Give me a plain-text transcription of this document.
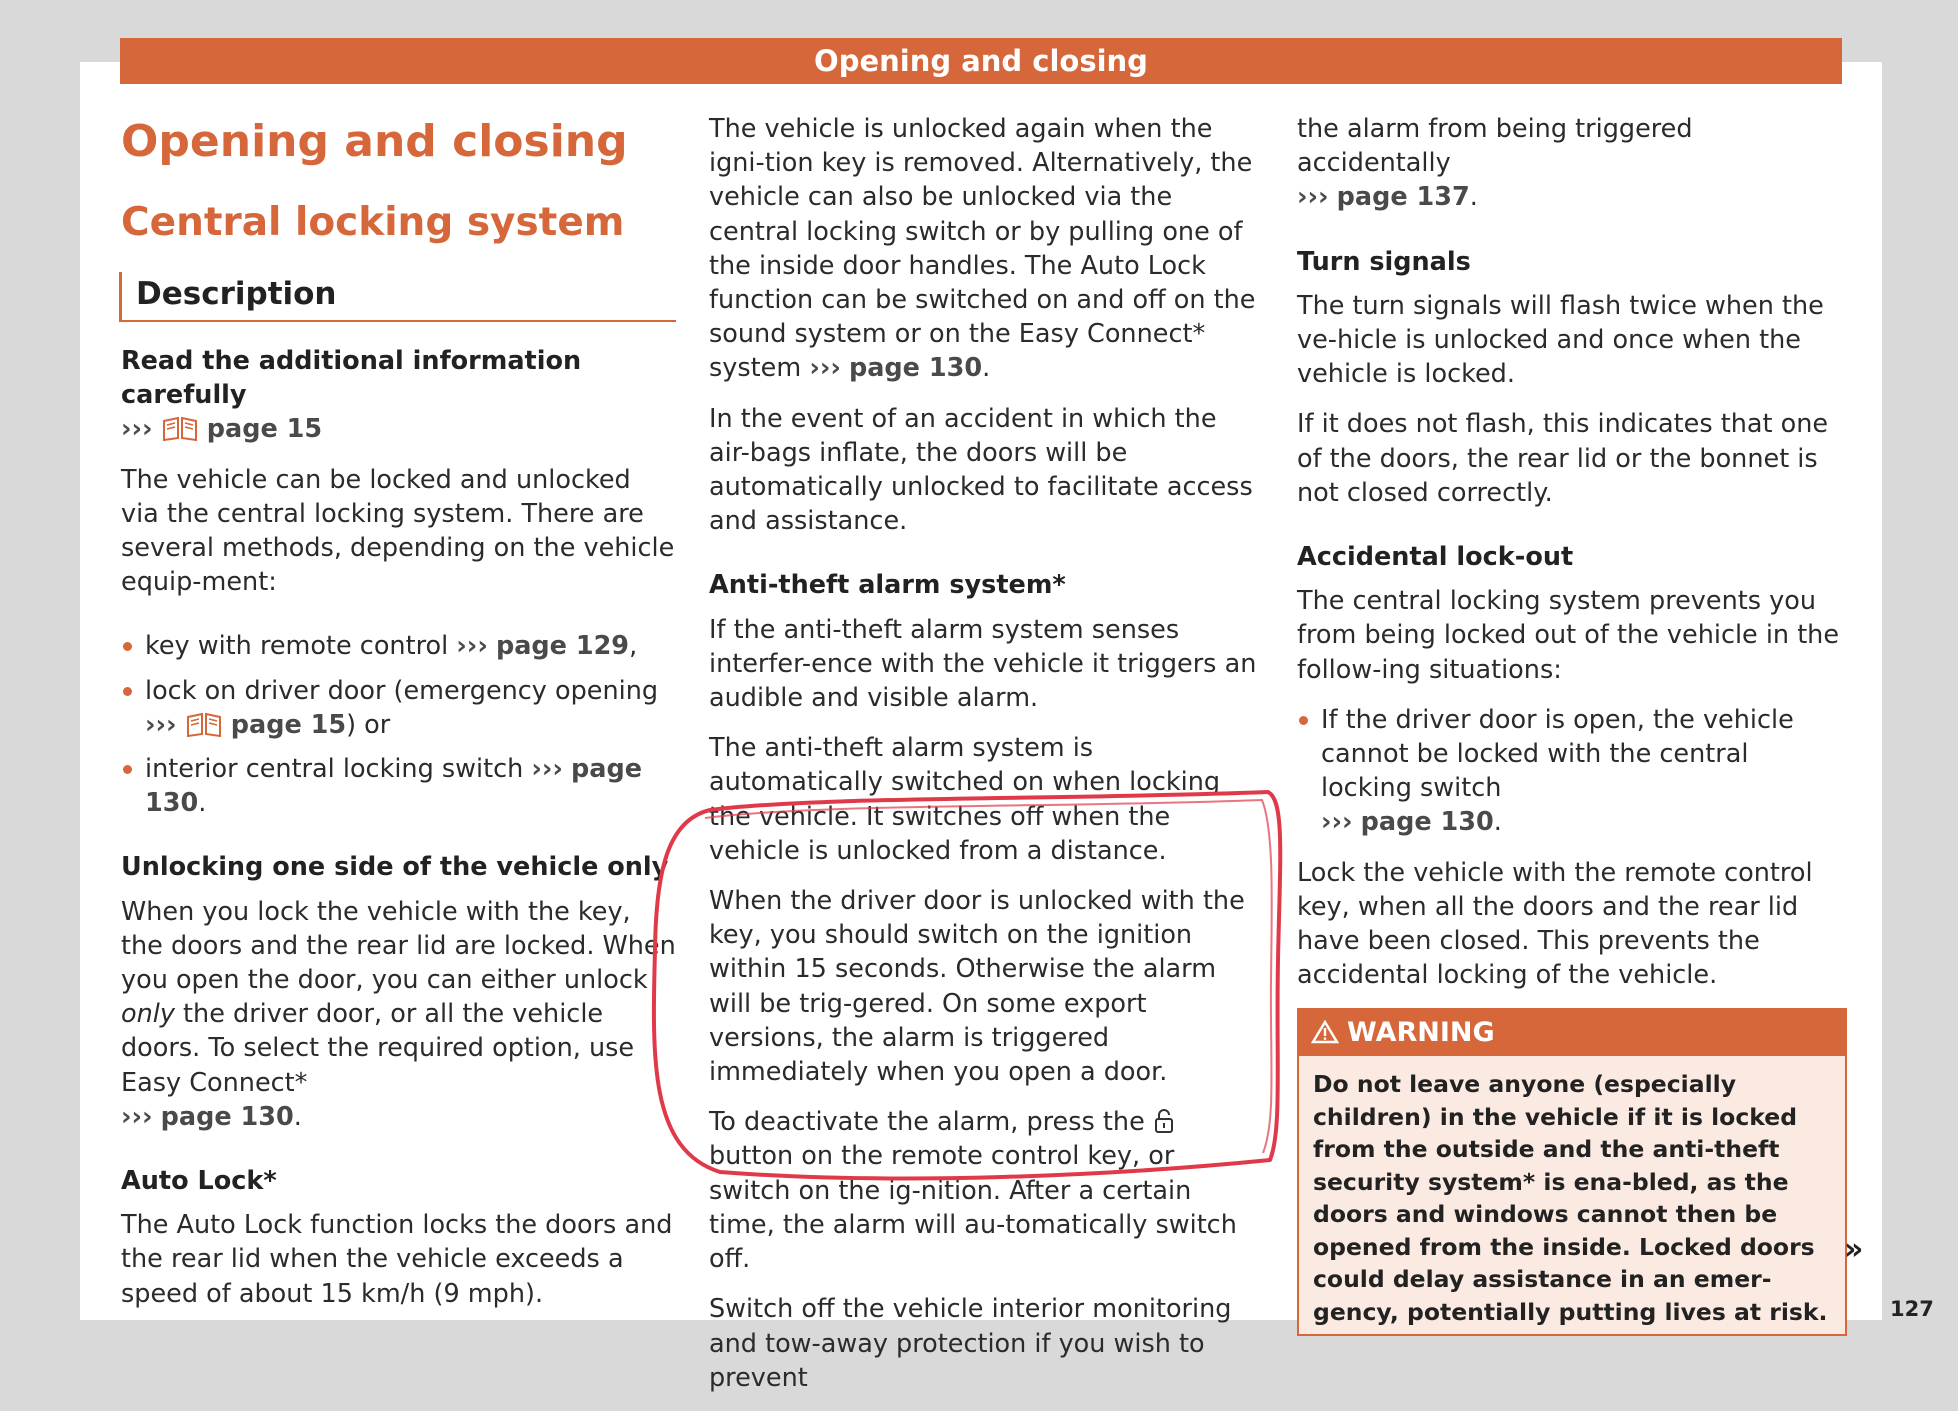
Opening and closing
Opening and closing
Central locking system
Description
Read the additional information carefully

››› page 15

The vehicle can be locked and unlocked via the central locking system. There are several methods, depending on the vehicle equip-ment:

key with remote control ››› page 129,
lock on driver door (emergency opening ››› page 15) or
interior central locking switch ››› page 130.
Unlocking one side of the vehicle only

When you lock the vehicle with the key, the doors and the rear lid are locked. When you open the door, you can either unlock only the driver door, or all the vehicle doors. To select the required option, use Easy Connect*
››› page 130.

Auto Lock*

The Auto Lock function locks the doors and the rear lid when the vehicle exceeds a speed of about 15 km/h (9 mph).

The vehicle is unlocked again when the igni-tion key is removed. Alternatively, the vehicle can also be unlocked via the central locking switch or by pulling one of the inside door handles. The Auto Lock function can be switched on and off on the sound system or on the Easy Connect* system ››› page 130.

In the event of an accident in which the air-bags inflate, the doors will be automatically unlocked to facilitate access and assistance.

Anti-theft alarm system*

If the anti-theft alarm system senses interfer-ence with the vehicle it triggers an audible and visible alarm.

The anti-theft alarm system is automatically switched on when locking the vehicle. It switches off when the vehicle is unlocked from a distance.

When the driver door is unlocked with the key, you should switch on the ignition within 15 seconds. Otherwise the alarm will be trig-gered. On some export versions, the alarm is triggered immediately when you open a door.

To deactivate the alarm, press the  button on the remote control key, or switch on the ig-nition. After a certain time, the alarm will au-tomatically switch off.

Switch off the vehicle interior monitoring and tow-away protection if you wish to prevent

the alarm from being triggered accidentally
››› page 137.

Turn signals

The turn signals will flash twice when the ve-hicle is unlocked and once when the vehicle is locked.

If it does not flash, this indicates that one of the doors, the rear lid or the bonnet is not closed correctly.

Accidental lock-out

The central locking system prevents you from being locked out of the vehicle in the follow-ing situations:

If the driver door is open, the vehicle cannot be locked with the central locking switch
››› page 130.

Lock the vehicle with the remote control key, when all the doors and the rear lid have been closed. This prevents the accidental locking of the vehicle.

WARNING
Do not leave anyone (especially children) in the vehicle if it is locked from the outside and the anti-theft security system* is ena-bled, as the doors and windows cannot then be opened from the inside. Locked doors could delay assistance in an emer-gency, potentially putting lives at risk.
»
127
